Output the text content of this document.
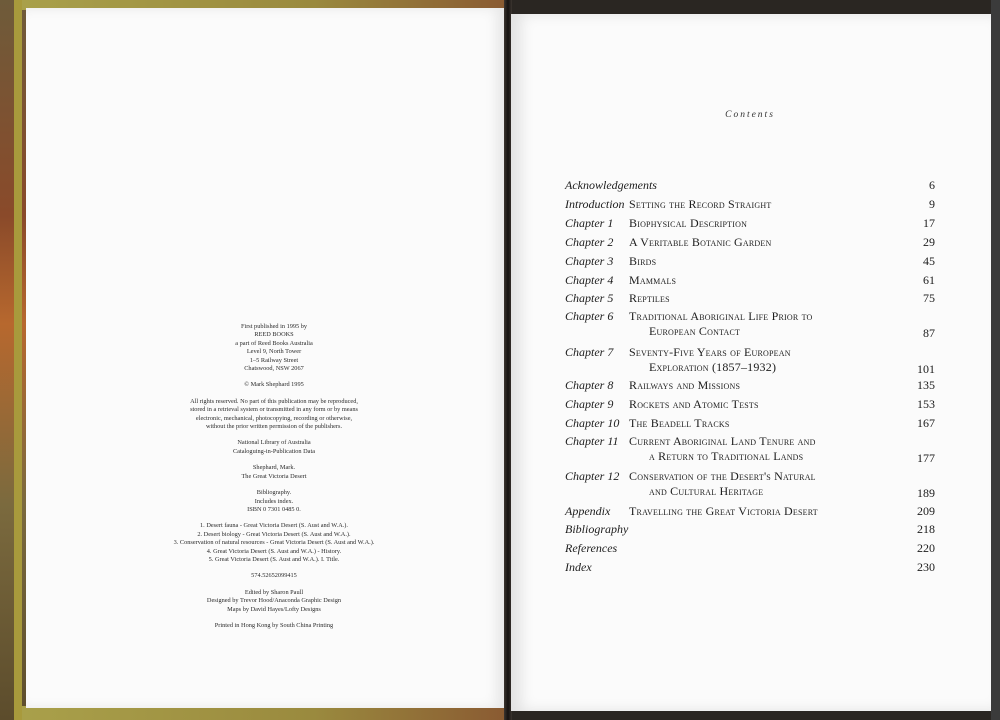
First published in 1995 by
REED BOOKS
a part of Reed Books Australia
Level 9, North Tower
1–5 Railway Street
Chatswood, NSW 2067
© Mark Shephard 1995
All rights reserved. No part of this publication may be reproduced,
stored in a retrieval system or transmitted in any form or by means
electronic, mechanical, photocopying, recording or otherwise,
without the prior written permission of the publishers.
National Library of Australia
Cataloguing-in-Publication Data
Shephard, Mark.
The Great Victoria Desert
Bibliography.
Includes index.
ISBN 0 7301 0485 0.
1. Desert fauna - Great Victoria Desert (S. Aust and W.A.).
2. Desert biology - Great Victoria Desert (S. Aust and W.A.).
3. Conservation of natural resources - Great Victoria Desert (S. Aust and W.A.).
4. Great Victoria Desert (S. Aust and W.A.) - History.
5. Great Victoria Desert (S. Aust and W.A.). I. Title.
574.52652099415
Edited by Sharon Paull
Designed by Trevor Hood/Anaconda Graphic Design
Maps by David Hayes/Lofty Designs
Printed in Hong Kong by South China Printing
Contents
Acknowledgements	6
Introduction Setting the Record Straight	9
Chapter 1 Biophysical Description	17
Chapter 2 A Veritable Botanic Garden	29
Chapter 3 Birds	45
Chapter 4 Mammals	61
Chapter 5 Reptiles	75
Chapter 6 Traditional Aboriginal Life Prior to
European Contact	87
Chapter 7 Seventy-Five Years of European
Exploration (1857–1932)	101
Chapter 8 Railways and Missions	135
Chapter 9 Rockets and Atomic Tests	153
Chapter 10 The Beadell Tracks	167
Chapter 11 Current Aboriginal Land Tenure and
a Return to Traditional Lands	177
Chapter 12 Conservation of the Desert's Natural
and Cultural Heritage	189
Appendix Travelling the Great Victoria Desert	209
Bibliography	218
References	220
Index	230
